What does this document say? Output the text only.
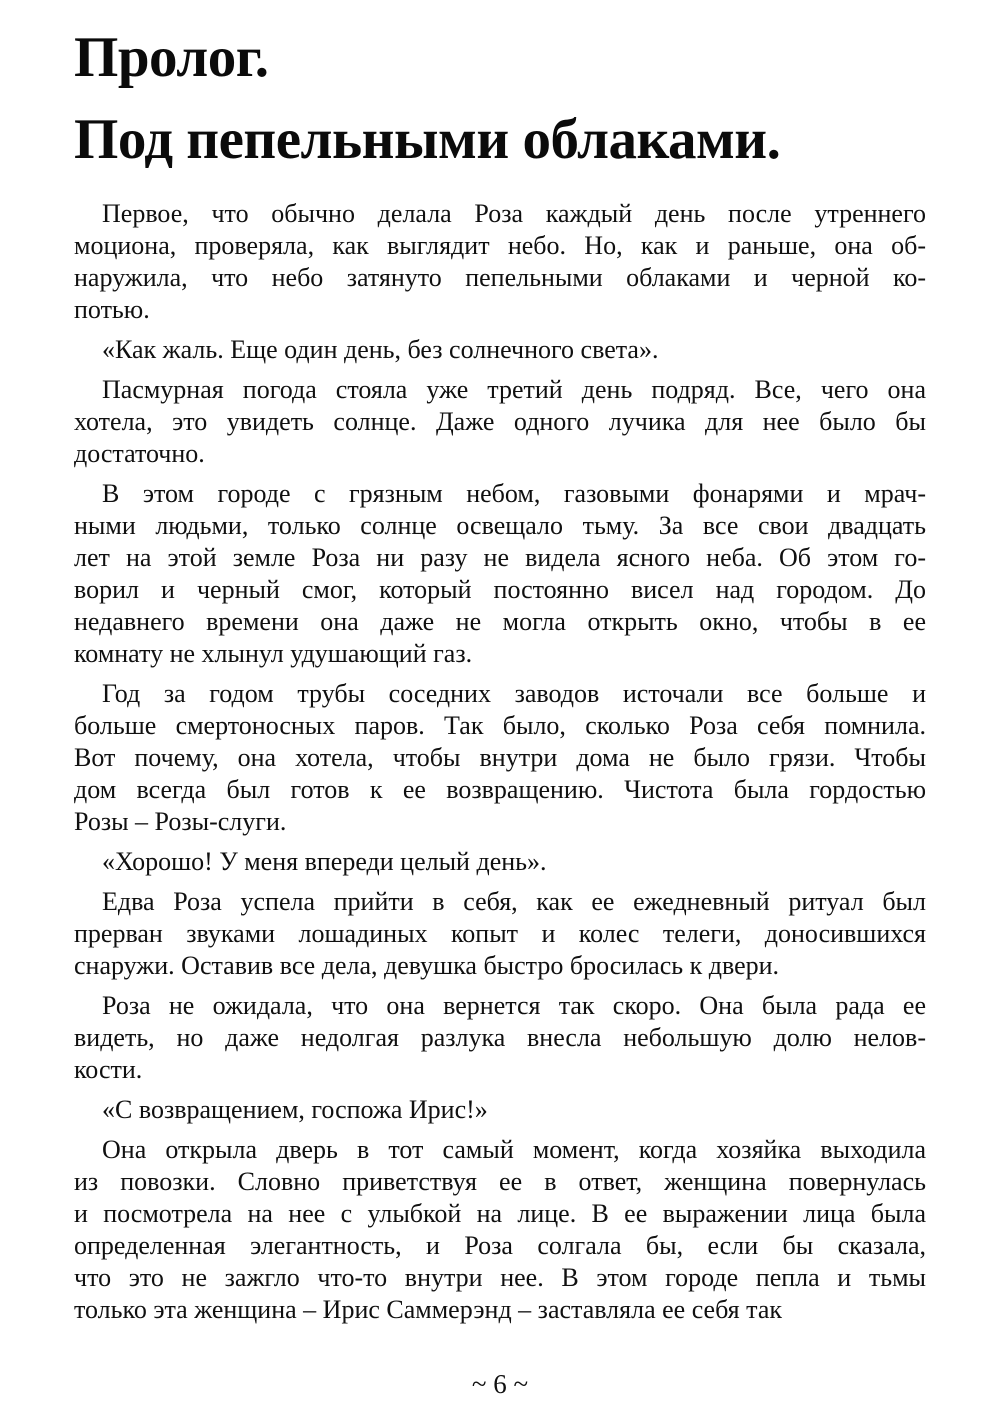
Пролог.
Под пепельными облаками.

Первое, что обычно делала Роза каждый день после утреннего
моциона, проверяла, как выглядит небо. Но, как и раньше, она об-
наружила, что небо затянуто пепельными облаками и черной ко-
потью.

«Как жаль. Еще один день, без солнечного света».

Пасмурная погода стояла уже третий день подряд. Все, чего она
хотела, это увидеть солнце. Даже одного лучика для нее было бы
достаточно.

В этом городе с грязным небом, газовыми фонарями и мрач-
ными людьми, только солнце освещало тьму. За все свои двадцать
лет на этой земле Роза ни разу не видела ясного неба. Об этом го-
ворил и черный смог, который постоянно висел над городом. До
недавнего времени она даже не могла открыть окно, чтобы в ее
комнату не хлынул удушающий газ.

Год за годом трубы соседних заводов источали все больше и
больше смертоносных паров. Так было, сколько Роза себя помнила.
Вот почему, она хотела, чтобы внутри дома не было грязи. Чтобы
дом всегда был готов к ее возвращению. Чистота была гордостью
Розы – Розы-слуги.

«Хорошо! У меня впереди целый день».

Едва Роза успела прийти в себя, как ее ежедневный ритуал был
прерван звуками лошадиных копыт и колес телеги, доносившихся
снаружи. Оставив все дела, девушка быстро бросилась к двери.

Роза не ожидала, что она вернется так скоро. Она была рада ее
видеть, но даже недолгая разлука внесла небольшую долю нелов-
кости.

«С возвращением, госпожа Ирис!»

Она открыла дверь в тот самый момент, когда хозяйка выходила
из повозки. Словно приветствуя ее в ответ, женщина повернулась
и посмотрела на нее с улыбкой на лице. В ее выражении лица была
определенная элегантность, и Роза солгала бы, если бы сказала,
что это не зажгло что-то внутри нее. В этом городе пепла и тьмы
только эта женщина – Ирис Саммерэнд – заставляла ее себя так

~ 6 ~
